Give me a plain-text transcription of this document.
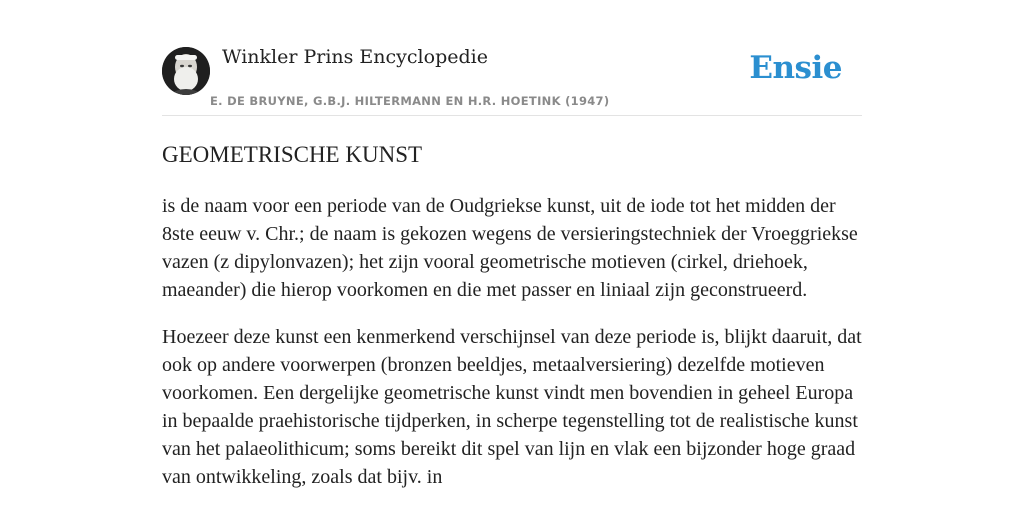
Winkler Prins Encyclopedie
E. DE BRUYNE, G.B.J. HILTERMANN EN H.R. HOETINK (1947)
Ensie
GEOMETRISCHE KUNST

is de naam voor een periode van de Oudgriekse kunst, uit de iode tot het midden der 8ste eeuw v. Chr.; de naam is gekozen wegens de versieringstechniek der Vroeggriekse vazen (z dipylonvazen); het zijn vooral geometrische motieven (cirkel, driehoek, maeander) die hierop voorkomen en die met passer en liniaal zijn geconstrueerd.

Hoezeer deze kunst een kenmerkend verschijnsel van deze periode is, blijkt daaruit, dat ook op andere voorwerpen (bronzen beeldjes, metaalversiering) dezelfde motieven voorkomen. Een dergelijke geometrische kunst vindt men bovendien in geheel Europa in bepaalde praehistorische tijdperken, in scherpe tegenstelling tot de realistische kunst van het palaeolithicum; soms bereikt dit spel van lijn en vlak een bijzonder hoge graad van ontwikkeling, zoals dat bijv. in
